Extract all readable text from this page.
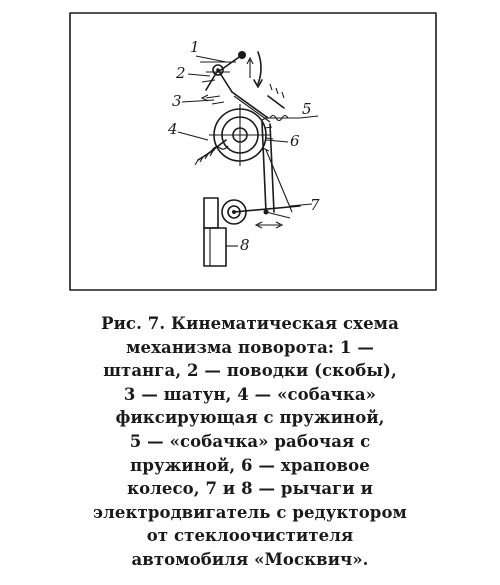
1
2
3
4
5
6
7
8
Рис. 7. Кинематическая схема
механизма поворота: 1 —
штанга, 2 — поводки (скобы),
3 — шатун, 4 — «собачка»
фиксирующая с пружиной,
5 — «собачка» рабочая с
пружиной, 6 — храповое
колесо, 7 и 8 — рычаги и
электродвигатель с редуктором
от стеклоочистителя
автомобиля «Москвич».
